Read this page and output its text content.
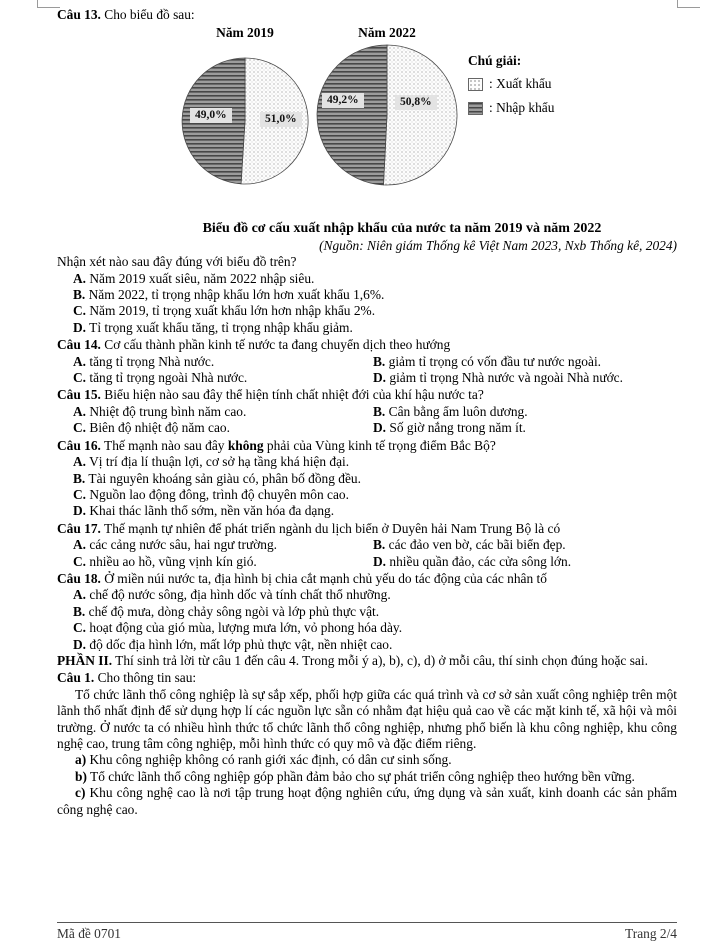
Câu 13. Cho biểu đồ sau:

Năm 2019	Năm 2022
49,0%	51,0%
49,2%	50,8%
Chú giải:
: Xuất khẩu
: Nhập khẩu

Biểu đồ cơ cấu xuất nhập khẩu của nước ta năm 2019 và năm 2022

(Nguồn: Niên giám Thống kê Việt Nam 2023, Nxb Thống kê, 2024)

Nhận xét nào sau đây đúng với biểu đồ trên?

A. Năm 2019 xuất siêu, năm 2022 nhập siêu.

B. Năm 2022, tỉ trọng nhập khẩu lớn hơn xuất khẩu 1,6%.

C. Năm 2019, tỉ trọng xuất khẩu lớn hơn nhập khẩu 2%.

D. Tỉ trọng xuất khẩu tăng, tỉ trọng nhập khẩu giảm.

Câu 14. Cơ cấu thành phần kinh tế nước ta đang chuyển dịch theo hướng

A. tăng tỉ trọng Nhà nước.	B. giảm tỉ trọng có vốn đầu tư nước ngoài.

C. tăng tỉ trọng ngoài Nhà nước.	D. giảm tỉ trọng Nhà nước và ngoài Nhà nước.

Câu 15. Biểu hiện nào sau đây thể hiện tính chất nhiệt đới của khí hậu nước ta?

A. Nhiệt độ trung bình năm cao.	B. Cân bằng ẩm luôn dương.

C. Biên độ nhiệt độ năm cao.	D. Số giờ nắng trong năm ít.

Câu 16. Thế mạnh nào sau đây không phải của Vùng kinh tế trọng điểm Bắc Bộ?

A. Vị trí địa lí thuận lợi, cơ sở hạ tầng khá hiện đại.

B. Tài nguyên khoáng sản giàu có, phân bố đồng đều.

C. Nguồn lao động đông, trình độ chuyên môn cao.

D. Khai thác lãnh thổ sớm, nền văn hóa đa dạng.

Câu 17. Thế mạnh tự nhiên để phát triển ngành du lịch biển ở Duyên hải Nam Trung Bộ là có

A. các cảng nước sâu, hai ngư trường.	B. các đảo ven bờ, các bãi biển đẹp.

C. nhiều ao hồ, vũng vịnh kín gió.	D. nhiều quần đảo, các cửa sông lớn.

Câu 18. Ở miền núi nước ta, địa hình bị chia cắt mạnh chủ yếu do tác động của các nhân tố

A. chế độ nước sông, địa hình dốc và tính chất thổ nhưỡng.

B. chế độ mưa, dòng chảy sông ngòi và lớp phủ thực vật.

C. hoạt động của gió mùa, lượng mưa lớn, vỏ phong hóa dày.

D. độ dốc địa hình lớn, mất lớp phủ thực vật, nền nhiệt cao.

PHẦN II. Thí sinh trả lời từ câu 1 đến câu 4. Trong mỗi ý a), b), c), d) ở mỗi câu, thí sinh chọn đúng hoặc sai.

Câu 1. Cho thông tin sau:

Tổ chức lãnh thổ công nghiệp là sự sắp xếp, phối hợp giữa các quá trình và cơ sở sản xuất công nghiệp trên một lãnh thổ nhất định để sử dụng hợp lí các nguồn lực sẵn có nhằm đạt hiệu quả cao về các mặt kinh tế, xã hội và môi trường. Ở nước ta có nhiều hình thức tổ chức lãnh thổ công nghiệp, nhưng phổ biến là khu công nghiệp, khu công nghệ cao, trung tâm công nghiệp, mỗi hình thức có quy mô và đặc điểm riêng.

a) Khu công nghiệp không có ranh giới xác định, có dân cư sinh sống.

b) Tổ chức lãnh thổ công nghiệp góp phần đảm bảo cho sự phát triển công nghiệp theo hướng bền vững.

c) Khu công nghệ cao là nơi tập trung hoạt động nghiên cứu, ứng dụng và sản xuất, kinh doanh các sản phẩm công nghệ cao.

Mã đề 0701	Trang 2/4
